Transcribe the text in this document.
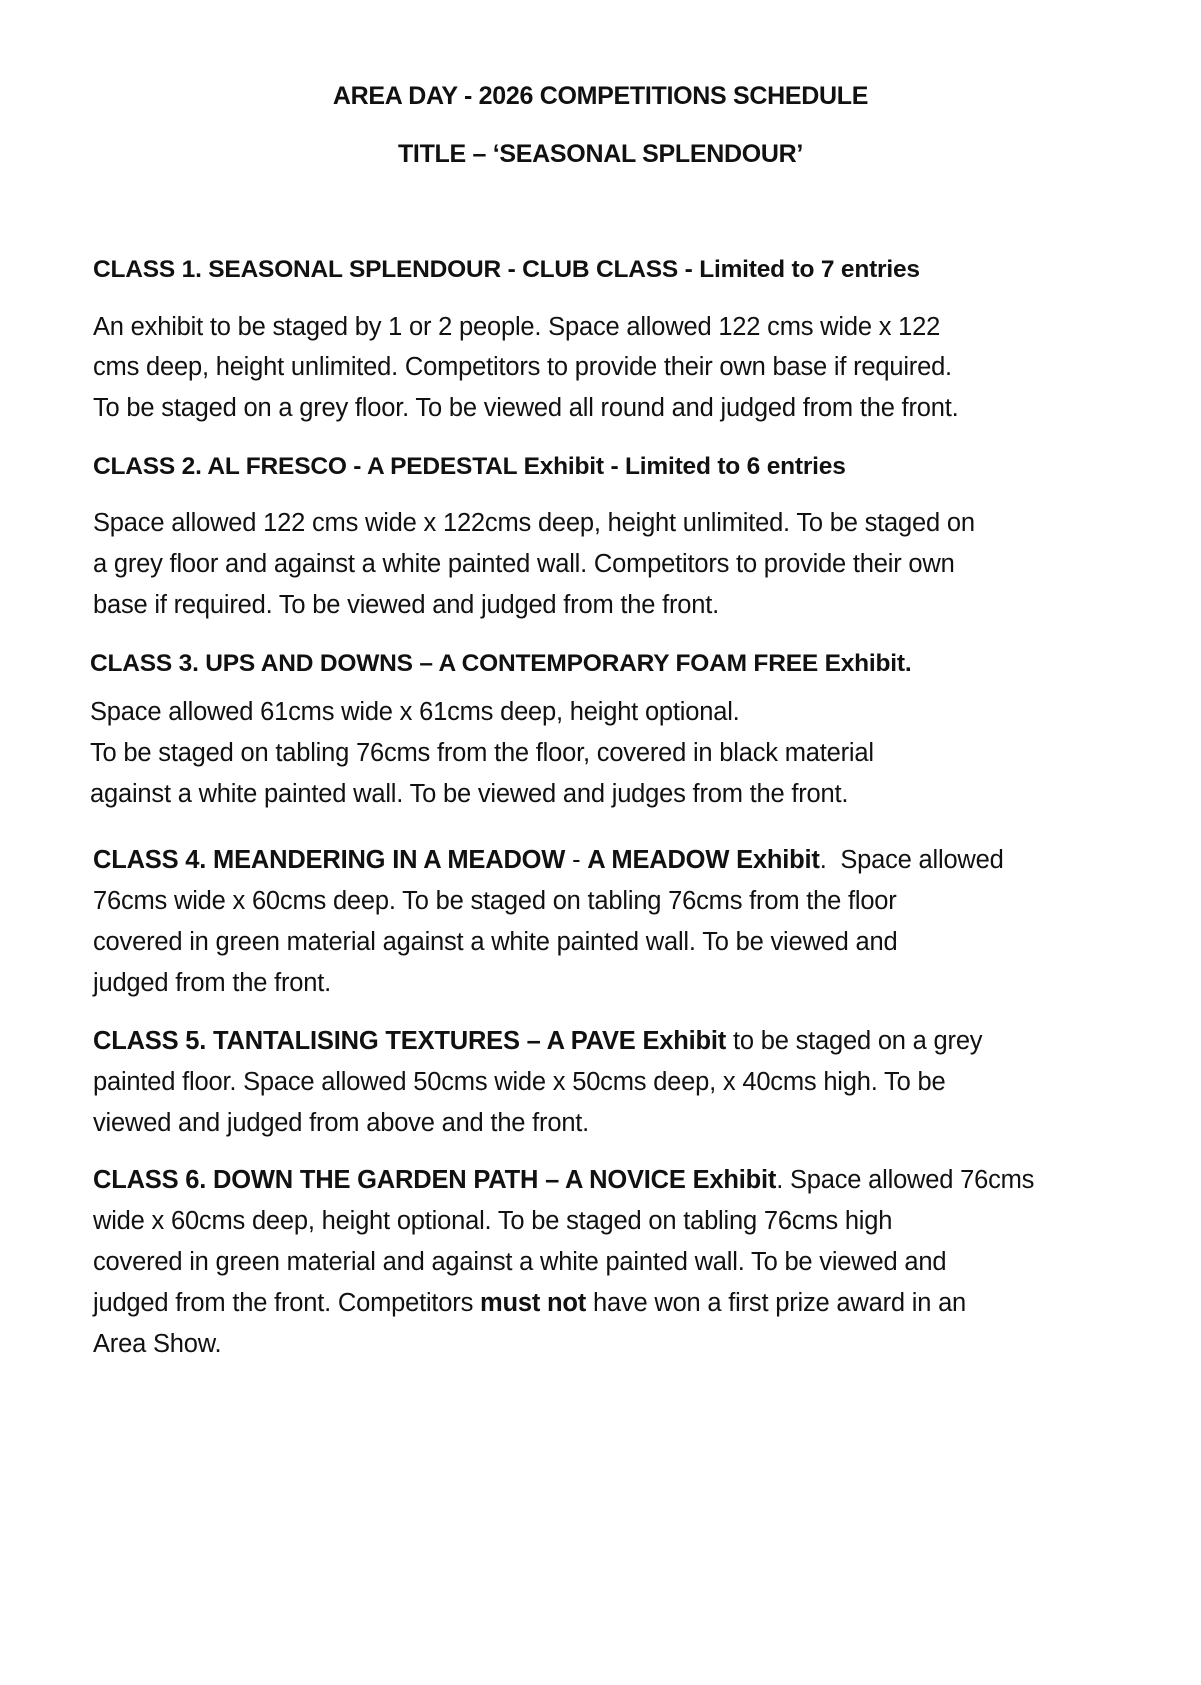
AREA DAY - 2026 COMPETITIONS SCHEDULE
TITLE – ‘SEASONAL SPLENDOUR’
CLASS 1. SEASONAL SPLENDOUR - CLUB CLASS - Limited to 7 entries
An exhibit to be staged by 1 or 2 people. Space allowed 122 cms wide x 122
cms deep, height unlimited. Competitors to provide their own base if required.
To be staged on a grey floor. To be viewed all round and judged from the front.
CLASS 2. AL FRESCO - A PEDESTAL Exhibit - Limited to 6 entries
Space allowed 122 cms wide x 122cms deep, height unlimited. To be staged on
a grey floor and against a white painted wall. Competitors to provide their own
base if required. To be viewed and judged from the front.
CLASS 3. UPS AND DOWNS – A CONTEMPORARY FOAM FREE Exhibit.
Space allowed 61cms wide x 61cms deep, height optional.
To be staged on tabling 76cms from the floor, covered in black material
against a white painted wall. To be viewed and judges from the front.
CLASS 4. MEANDERING IN A MEADOW - A MEADOW Exhibit.  Space allowed
76cms wide x 60cms deep. To be staged on tabling 76cms from the floor
covered in green material against a white painted wall. To be viewed and
judged from the front.
CLASS 5. TANTALISING TEXTURES – A PAVE Exhibit to be staged on a grey
painted floor. Space allowed 50cms wide x 50cms deep, x 40cms high. To be
viewed and judged from above and the front.
CLASS 6. DOWN THE GARDEN PATH – A NOVICE Exhibit. Space allowed 76cms
wide x 60cms deep, height optional. To be staged on tabling 76cms high
covered in green material and against a white painted wall. To be viewed and
judged from the front. Competitors must not have won a first prize award in an
Area Show.
